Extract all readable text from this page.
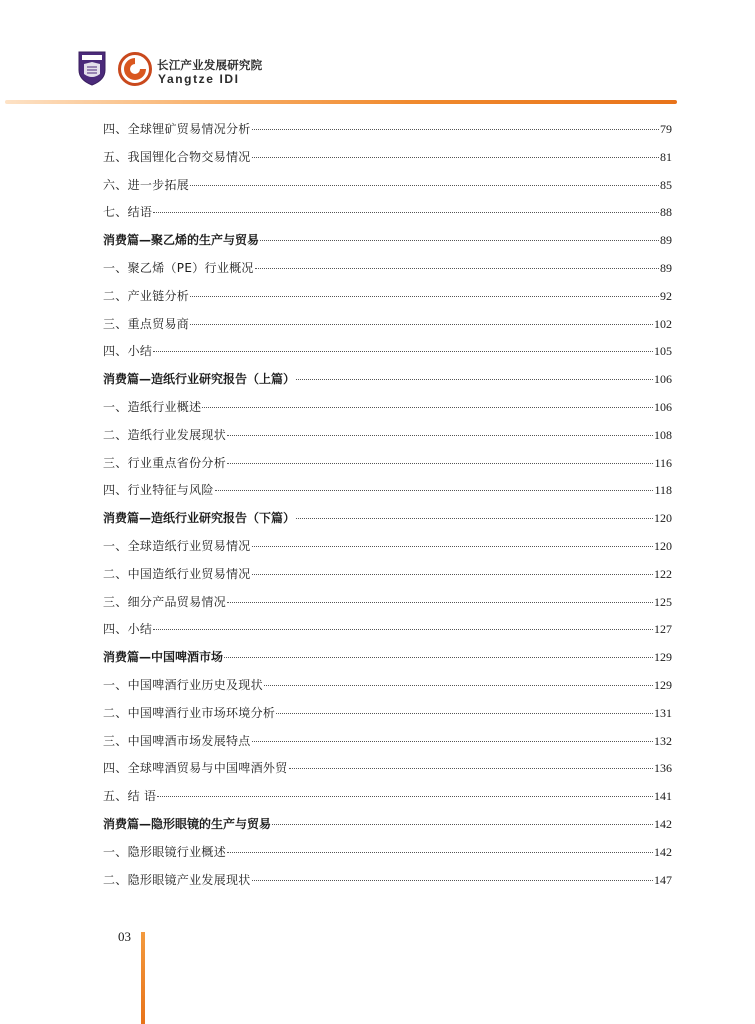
长江产业发展研究院
Yangtze IDI
四、全球锂矿贸易情况分析	79
五、我国锂化合物交易情况	81
六、进一步拓展	85
七、结语	88
消费篇—聚乙烯的生产与贸易	89
一、聚乙烯（PE）行业概况	89
二、产业链分析	92
三、重点贸易商	102
四、小结	105
消费篇—造纸行业研究报告（上篇）	106
一、造纸行业概述	106
二、造纸行业发展现状	108
三、行业重点省份分析	116
四、行业特征与风险	118
消费篇—造纸行业研究报告（下篇）	120
一、全球造纸行业贸易情况	120
二、中国造纸行业贸易情况	122
三、细分产品贸易情况	125
四、小结	127
消费篇—中国啤酒市场	129
一、中国啤酒行业历史及现状	129
二、中国啤酒行业市场环境分析	131
三、中国啤酒市场发展特点	132
四、全球啤酒贸易与中国啤酒外贸	136
五、结 语	141
消费篇—隐形眼镜的生产与贸易	142
一、隐形眼镜行业概述	142
二、隐形眼镜产业发展现状	147
03
